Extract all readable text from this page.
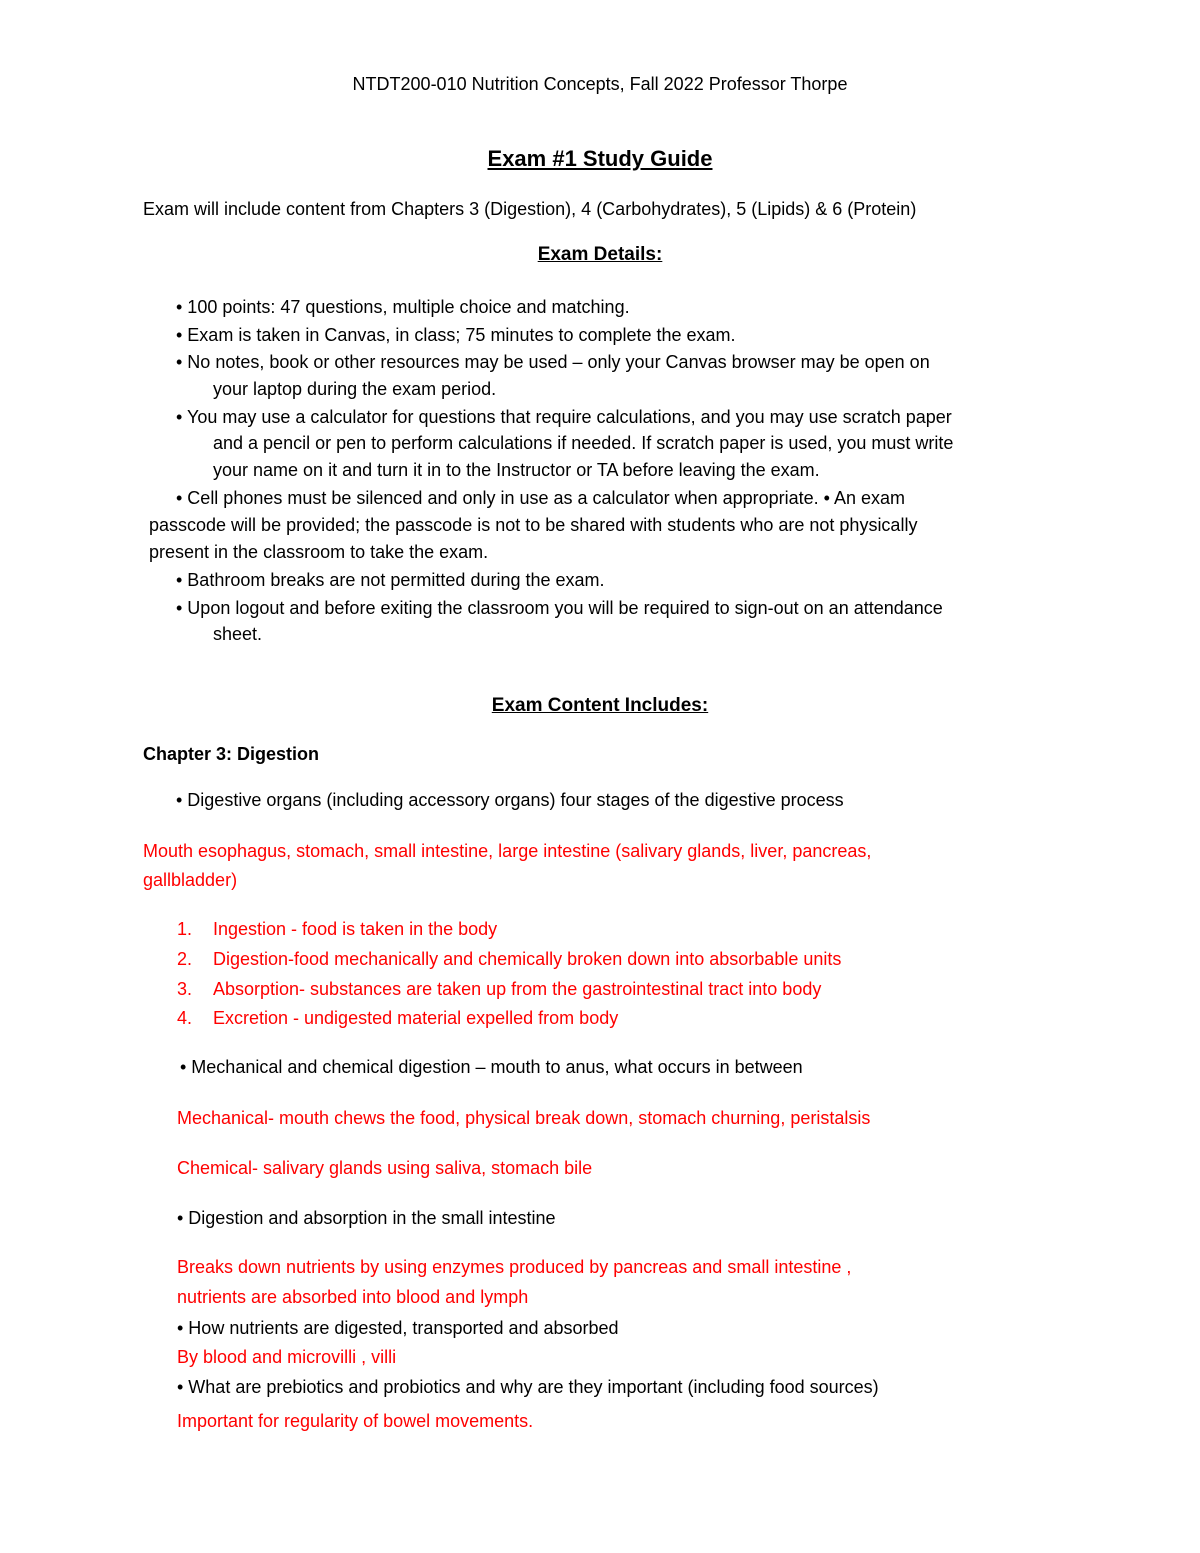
NTDT200-010 Nutrition Concepts, Fall 2022 Professor Thorpe
Exam #1 Study Guide
Exam will include content from Chapters 3 (Digestion), 4 (Carbohydrates), 5 (Lipids) & 6 (Protein)
Exam Details:
• 100 points: 47 questions, multiple choice and matching.
• Exam is taken in Canvas, in class; 75 minutes to complete the exam.
• No notes, book or other resources may be used – only your Canvas browser may be open on
your laptop during the exam period.
• You may use a calculator for questions that require calculations, and you may use scratch paper
and a pencil or pen to perform calculations if needed. If scratch paper is used, you must write
your name on it and turn it in to the Instructor or TA before leaving the exam.
• Cell phones must be silenced and only in use as a calculator when appropriate. • An exam
passcode will be provided; the passcode is not to be shared with students who are not physically
present in the classroom to take the exam.
• Bathroom breaks are not permitted during the exam.
• Upon logout and before exiting the classroom you will be required to sign-out on an attendance
sheet.
Exam Content Includes:
Chapter 3: Digestion
• Digestive organs (including accessory organs) four stages of the digestive process
Mouth esophagus, stomach, small intestine, large intestine (salivary glands, liver, pancreas,
gallbladder)
1. Ingestion - food is taken in the body
2. Digestion-food mechanically and chemically broken down into absorbable units
3. Absorption- substances are taken up from the gastrointestinal tract into body
4. Excretion - undigested material expelled from body
• Mechanical and chemical digestion – mouth to anus, what occurs in between
Mechanical- mouth chews the food, physical break down, stomach churning, peristalsis
Chemical- salivary glands using saliva, stomach bile
• Digestion and absorption in the small intestine
Breaks down nutrients by using enzymes produced by pancreas and small intestine ,
nutrients are absorbed into blood and lymph
• How nutrients are digested, transported and absorbed
By blood and microvilli , villi
• What are prebiotics and probiotics and why are they important (including food sources)
Important for regularity of bowel movements.
